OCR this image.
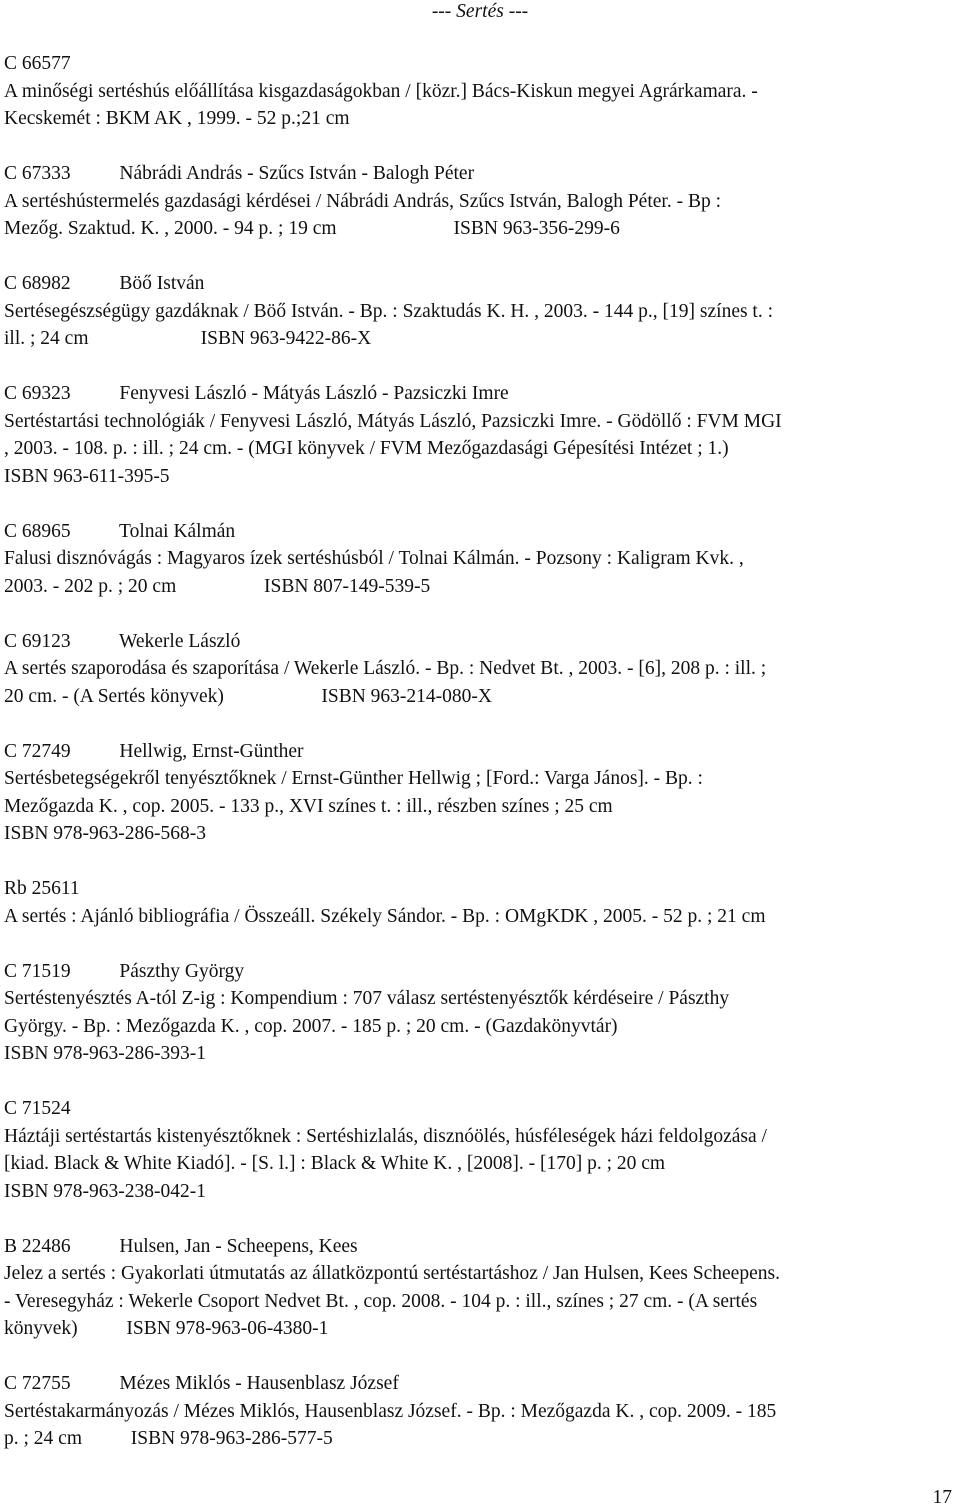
--- Sertés ---
C 66577
A minőségi sertéshús előállítása kisgazdaságokban / [közr.] Bács-Kiskun megyei Agrárkamara. -
Kecskemét : BKM AK , 1999. - 52 p.;21 cm
C 67333          Nábrádi András - Szűcs István - Balogh Péter
A sertéshústermelés gazdasági kérdései / Nábrádi András, Szűcs István, Balogh Péter. - Bp :
Mezőg. Szaktud. K. , 2000. - 94 p. ; 19 cm                        ISBN 963-356-299-6
C 68982          Böő István
Sertésegészségügy gazdáknak / Böő István. - Bp. : Szaktudás K. H. , 2003. - 144 p., [19] színes t. :
ill. ; 24 cm                       ISBN 963-9422-86-X
C 69323          Fenyvesi László - Mátyás László - Pazsiczki Imre
Sertéstartási technológiák / Fenyvesi László, Mátyás László, Pazsiczki Imre. - Gödöllő : FVM MGI
, 2003. - 108. p. : ill. ; 24 cm. - (MGI könyvek / FVM Mezőgazdasági Gépesítési Intézet ; 1.)
ISBN 963-611-395-5
C 68965          Tolnai Kálmán
Falusi disznóvágás : Magyaros ízek sertéshúsból / Tolnai Kálmán. - Pozsony : Kaligram Kvk. ,
2003. - 202 p. ; 20 cm                  ISBN 807-149-539-5
C 69123          Wekerle László
A sertés szaporodása és szaporítása / Wekerle László. - Bp. : Nedvet Bt. , 2003. - [6], 208 p. : ill. ;
20 cm. - (A Sertés könyvek)                    ISBN 963-214-080-X
C 72749          Hellwig, Ernst-Günther
Sertésbetegségekről tenyésztőknek / Ernst-Günther Hellwig ; [Ford.: Varga János]. - Bp. :
Mezőgazda K. , cop. 2005. - 133 p., XVI színes t. : ill., részben színes ; 25 cm
ISBN 978-963-286-568-3
Rb 25611
A sertés : Ajánló bibliográfia / Összeáll. Székely Sándor. - Bp. : OMgKDK , 2005. - 52 p. ; 21 cm
C 71519          Pászthy György
Sertéstenyésztés A-tól Z-ig : Kompendium : 707 válasz sertéstenyésztők kérdéseire / Pászthy
György. - Bp. : Mezőgazda K. , cop. 2007. - 185 p. ; 20 cm. - (Gazdakönyvtár)
ISBN 978-963-286-393-1
C 71524
Háztáji sertéstartás kistenyésztőknek : Sertéshizlalás, disznóölés, húsféleségek házi feldolgozása /
[kiad. Black & White Kiadó]. - [S. l.] : Black & White K. , [2008]. - [170] p. ; 20 cm
ISBN 978-963-238-042-1
B 22486          Hulsen, Jan - Scheepens, Kees
Jelez a sertés : Gyakorlati útmutatás az állatközpontú sertéstartáshoz / Jan Hulsen, Kees Scheepens.
- Veresegyház : Wekerle Csoport Nedvet Bt. , cop. 2008. - 104 p. : ill., színes ; 27 cm. - (A sertés
könyvek)          ISBN 978-963-06-4380-1
C 72755          Mézes Miklós - Hausenblasz József
Sertéstakarmányozás / Mézes Miklós, Hausenblasz József. - Bp. : Mezőgazda K. , cop. 2009. - 185
p. ; 24 cm          ISBN 978-963-286-577-5
17
